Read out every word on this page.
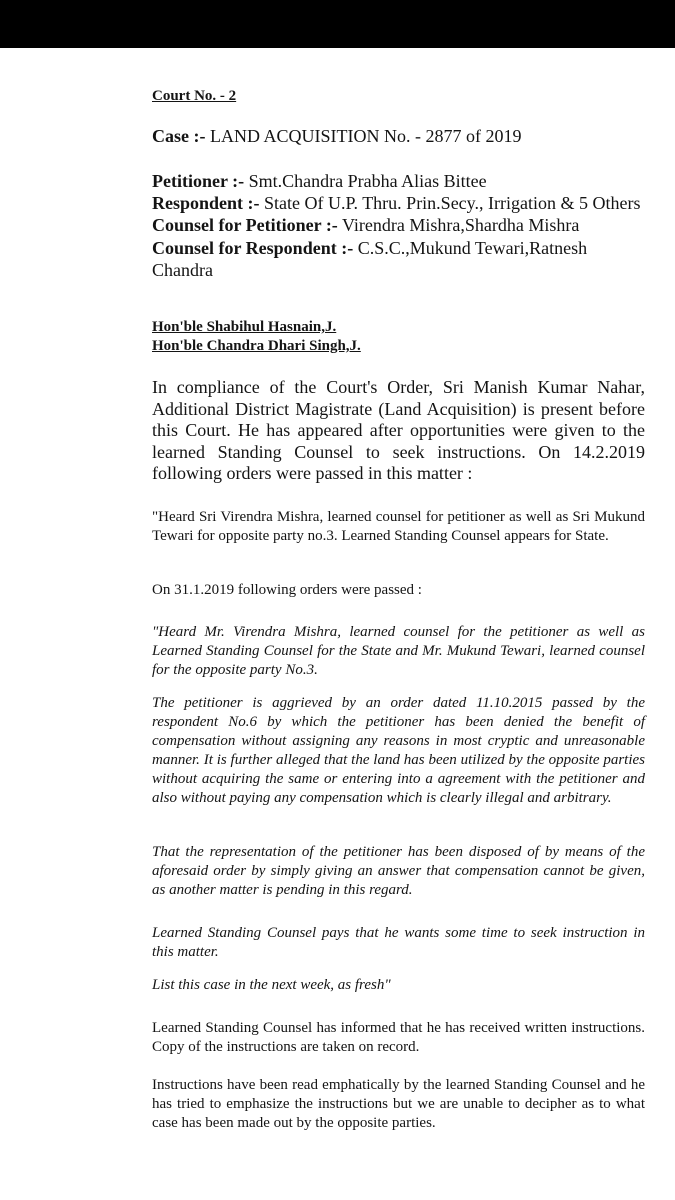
Court No. - 2
Case :- LAND ACQUISITION No. - 2877 of 2019

Petitioner :- Smt.Chandra Prabha Alias Bittee

Respondent :- State Of U.P. Thru. Prin.Secy., Irrigation & 5 Others

Counsel for Petitioner :- Virendra Mishra,Shardha Mishra

Counsel for Respondent :- C.S.C.,Mukund Tewari,Ratnesh Chandra

Hon'ble Shabihul Hasnain,J.

Hon'ble Chandra Dhari Singh,J.

In compliance of the Court's Order, Sri Manish Kumar Nahar, Additional District Magistrate (Land Acquisition) is present before this Court. He has appeared after opportunities were given to the learned Standing Counsel to seek instructions. On 14.2.2019 following orders were passed in this matter :

"Heard Sri Virendra Mishra, learned counsel for petitioner as well as Sri Mukund Tewari for opposite party no.3. Learned Standing Counsel appears for State.

On 31.1.2019 following orders were passed :

"Heard Mr. Virendra Mishra, learned counsel for the petitioner as well as Learned Standing Counsel for the State and Mr. Mukund Tewari, learned counsel for the opposite party No.3.

The petitioner is aggrieved by an order dated 11.10.2015 passed by the respondent No.6 by which the petitioner has been denied the benefit of compensation without assigning any reasons in most cryptic and unreasonable manner. It is further alleged that the land has been utilized by the opposite parties without acquiring the same or entering into a agreement with the petitioner and also without paying any compensation which is clearly illegal and arbitrary.

That the representation of the petitioner has been disposed of by means of the aforesaid order by simply giving an answer that compensation cannot be given, as another matter is pending in this regard.

Learned Standing Counsel pays that he wants some time to seek instruction in this matter.

List this case in the next week, as fresh"

Learned Standing Counsel has informed that he has received written instructions. Copy of the instructions are taken on record.

Instructions have been read emphatically by the learned Standing Counsel and he has tried to emphasize the instructions but we are unable to decipher as to what case has been made out by the opposite parties.
